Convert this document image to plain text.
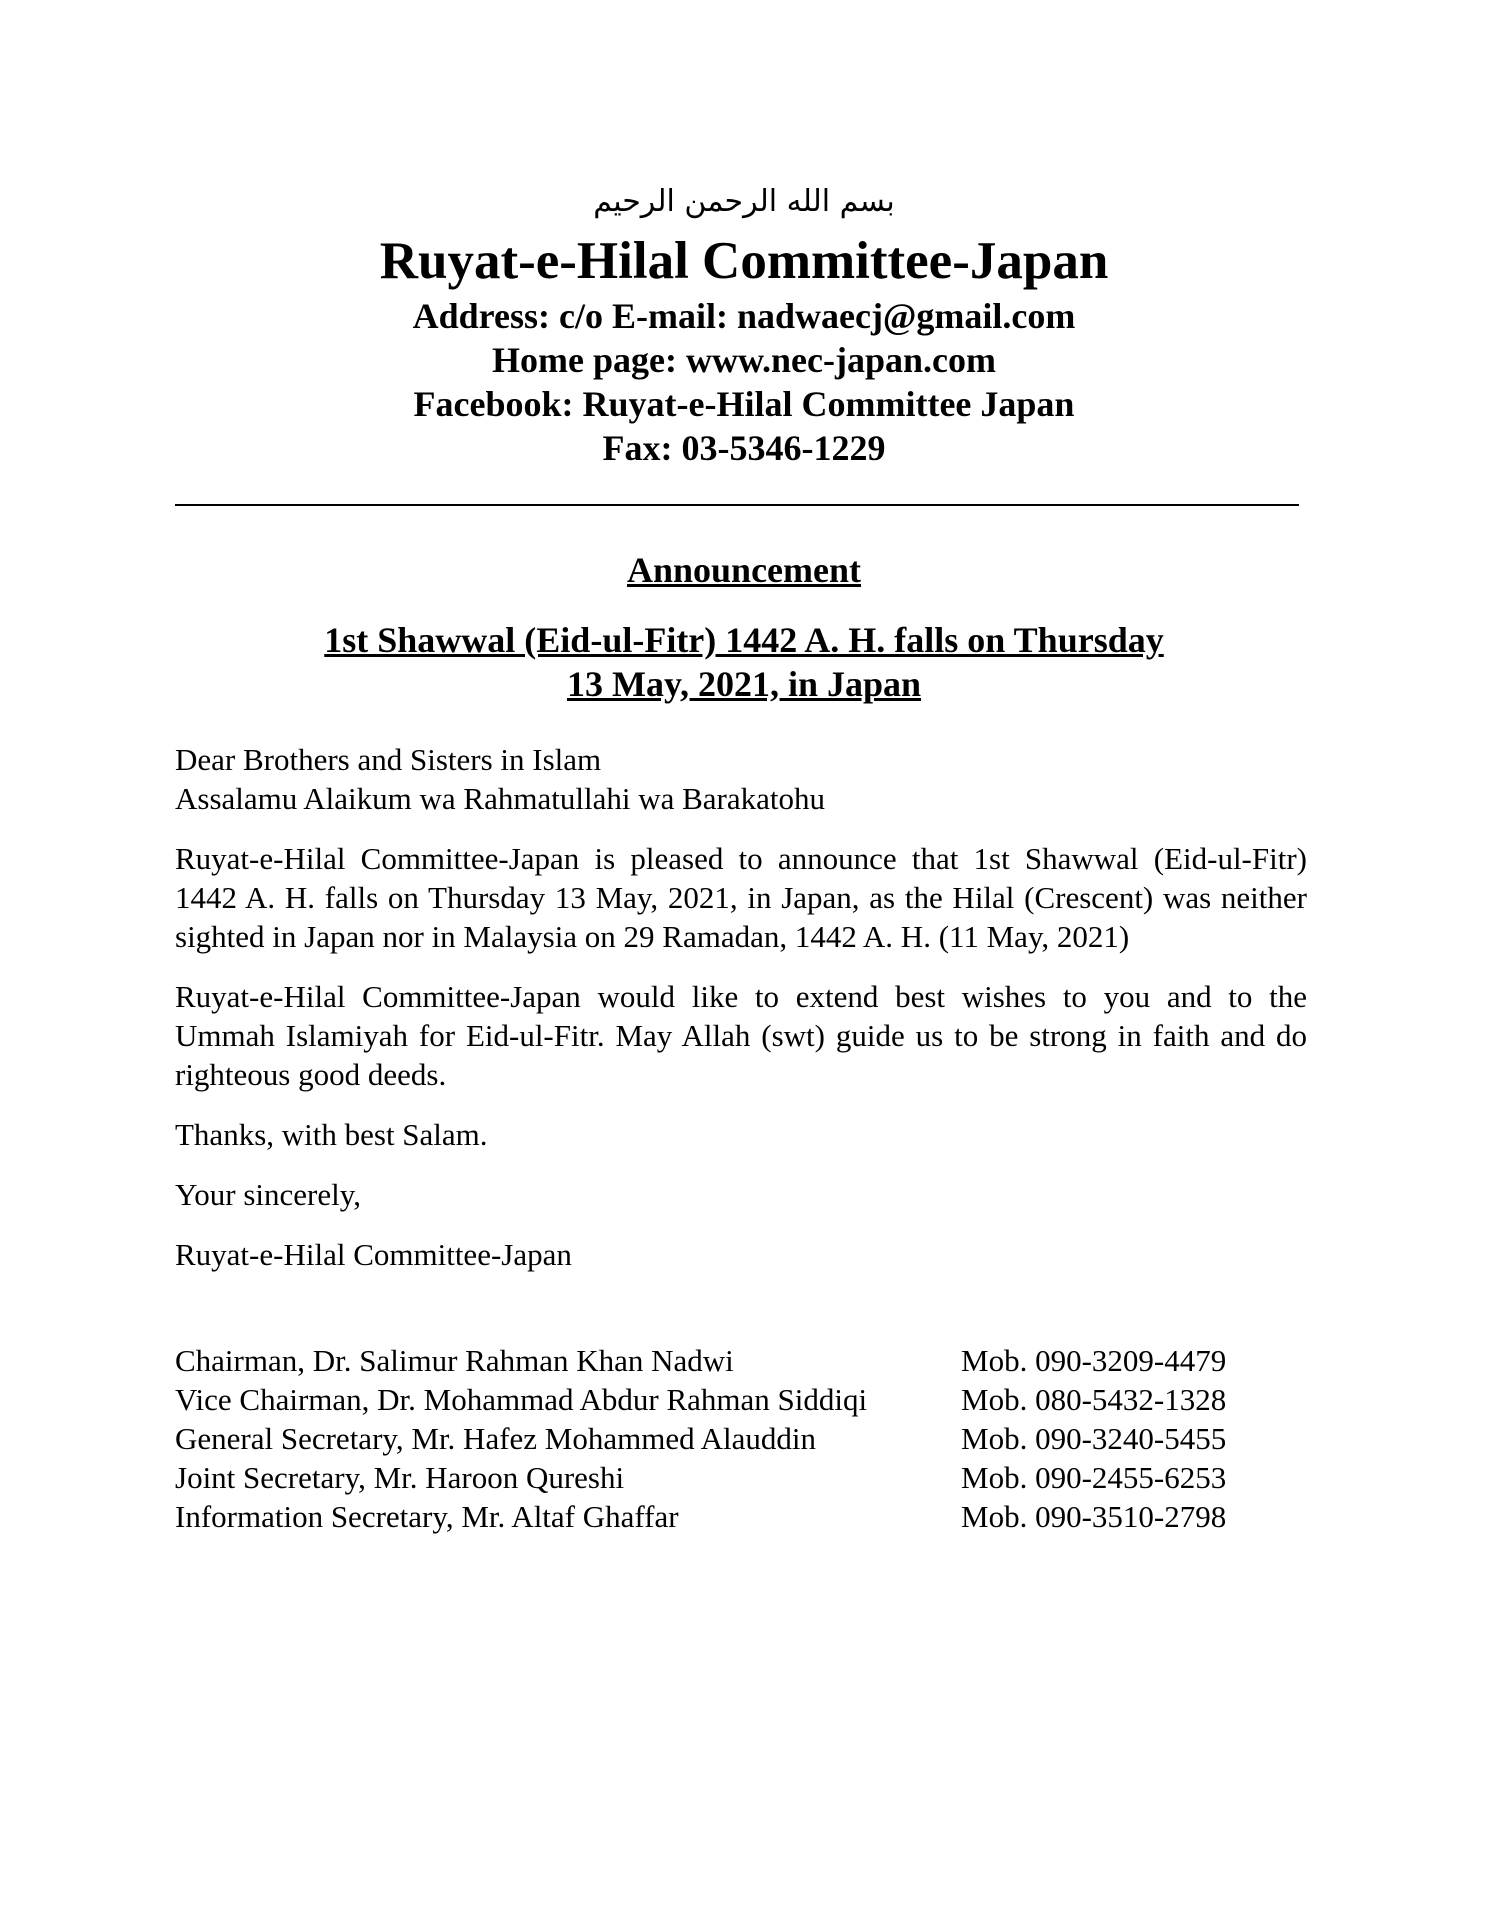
بسم الله الرحمن الرحيم
Ruyat-e-Hilal Committee-Japan
Address: c/o E-mail: nadwaecj@gmail.com
Home page: www.nec-japan.com
Facebook: Ruyat-e-Hilal Committee Japan
Fax: 03-5346-1229
Announcement
1st Shawwal (Eid-ul-Fitr) 1442 A. H. falls on Thursday
13 May, 2021, in Japan

Dear Brothers and Sisters in Islam
Assalamu Alaikum wa Rahmatullahi wa Barakatohu

Ruyat-e-Hilal Committee-Japan is pleased to announce that 1st Shawwal (Eid-ul-Fitr) 1442 A. H. falls on Thursday 13 May, 2021, in Japan, as the Hilal (Crescent) was neither sighted in Japan nor in Malaysia on 29 Ramadan, 1442 A. H. (11 May, 2021)

Ruyat-e-Hilal Committee-Japan would like to extend best wishes to you and to the Ummah Islamiyah for Eid-ul-Fitr. May Allah (swt) guide us to be strong in faith and do righteous good deeds.

Thanks, with best Salam.

Your sincerely,

Ruyat-e-Hilal Committee-Japan

Chairman, Dr. Salimur Rahman Khan Nadwi	Mob. 090-3209-4479
Vice Chairman, Dr. Mohammad Abdur Rahman Siddiqi	Mob. 080-5432-1328
General Secretary, Mr. Hafez Mohammed Alauddin	Mob. 090-3240-5455
Joint Secretary, Mr. Haroon Qureshi	Mob. 090-2455-6253
Information Secretary, Mr. Altaf Ghaffar	Mob. 090-3510-2798
